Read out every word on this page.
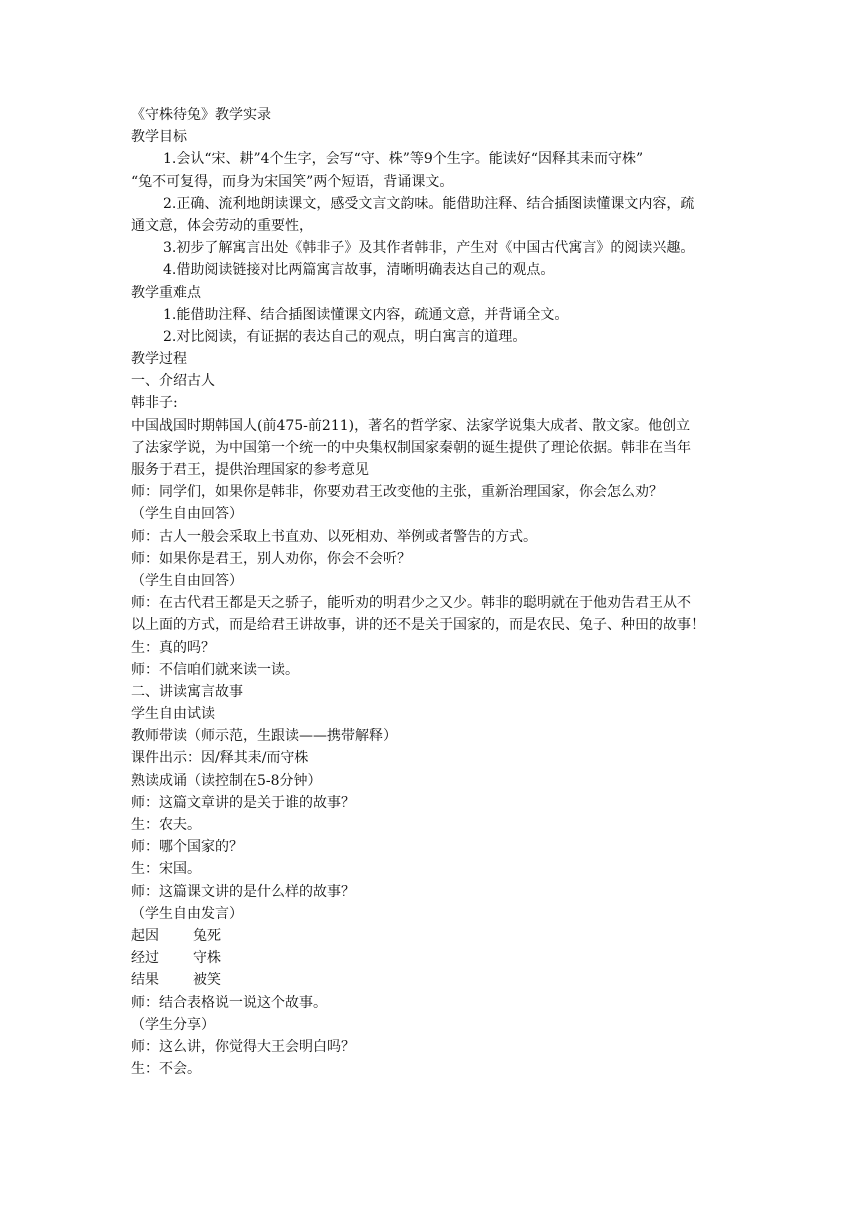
《守株待兔》教学实录
教学目标
1.会认“宋、耕”4个生字，会写“守、株”等9个生字。能读好“因释其耒而守株”
“兔不可复得，而身为宋国笑”两个短语，背诵课文。
2.正确、流利地朗读课文，感受文言文韵味。能借助注释、结合插图读懂课文内容，疏
通文意，体会劳动的重要性，
3.初步了解寓言出处《韩非子》及其作者韩非，产生对《中国古代寓言》的阅读兴趣。
4.借助阅读链接对比两篇寓言故事，清晰明确表达自己的观点。
教学重难点
1.能借助注释、结合插图读懂课文内容，疏通文意，并背诵全文。
2.对比阅读，有证据的表达自己的观点，明白寓言的道理。
教学过程
一、介绍古人
韩非子:
中国战国时期韩国人(前475-前211)，著名的哲学家、法家学说集大成者、散文家。他创立
了法家学说，为中国第一个统一的中央集权制国家秦朝的诞生提供了理论依据。韩非在当年
服务于君王，提供治理国家的参考意见
师：同学们，如果你是韩非，你要劝君王改变他的主张，重新治理国家，你会怎么劝？
（学生自由回答）
师：古人一般会采取上书直劝、以死相劝、举例或者警告的方式。
师：如果你是君王，别人劝你，你会不会听？
（学生自由回答）
师：在古代君王都是天之骄子，能听劝的明君少之又少。韩非的聪明就在于他劝告君王从不
以上面的方式，而是给君王讲故事，讲的还不是关于国家的，而是农民、兔子、种田的故事！
生：真的吗？
师：不信咱们就来读一读。
二、讲读寓言故事
学生自由试读
教师带读（师示范，生跟读——携带解释）
课件出示：因/释其耒/而守株
熟读成诵（读控制在5-8分钟）
师：这篇文章讲的是关于谁的故事？
生：农夫。
师：哪个国家的？
生：宋国。
师：这篇课文讲的是什么样的故事？
（学生自由发言）
起因	兔死
经过	守株
结果	被笑
师：结合表格说一说这个故事。
（学生分享）
师：这么讲，你觉得大王会明白吗？
生：不会。
